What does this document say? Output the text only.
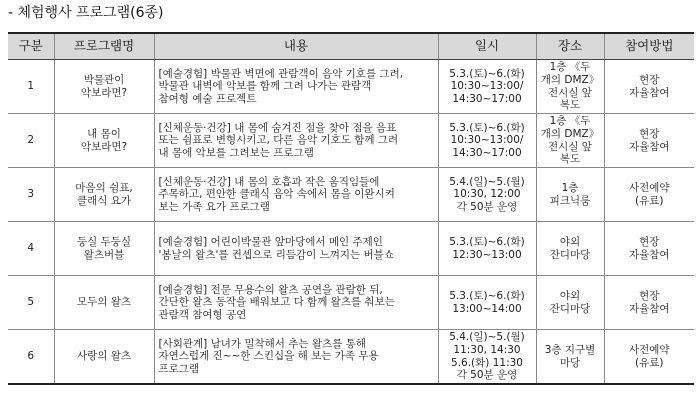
- 체험행사 프로그램(6종)
구분	프로그램명	내용	일시	장소	참여방법
1	박물관이
악보라면?	[예술경험] 박물관 벽면에 관람객이 음악 기호를 그려,
박물관 내벽에 악보를 함께 그려 나가는 관람객
참여형 예술 프로젝트	5.3.(토)~6.(화)
10:30~13:00/
14:30~17:00	1층 《두
개의 DMZ》
전시실 앞
복도	현장
자율참여
2	내 몸이
악보라면?	[신체운동·건강] 내 몸에 숨겨진 점을 찾아 점을 음표
또는 쉼표로 변형시키고, 다른 음악 기호도 함께 그려
내 몸에 악보를 그려보는 프로그램	5.3.(토)~6.(화)
10:30~13:00/
14:30~17:00	1층 《두
개의 DMZ》
전시실 앞
복도	현장
자율참여
3	마음의 쉼표,
클래식 요가	[신체운동·건강] 내 몸의 호흡과 작은 움직임들에
주목하고, 편안한 클래식 음악 속에서 몸을 이완시켜
보는 가족 요가 프로그램	5.4.(일)~5.(월)
10:30, 12:00
각 50분 운영	1층
피크닉룸	사전예약
(유료)
4	둥실 두둥실
왈츠버블	[예술경험] 어린이박물관 앞마당에서 메인 주제인
'봄날의 왈츠'를 컨셉으로 리듬감이 느껴지는 버블쇼	5.3.(토)~6.(화)
12:30~13:00	야외
잔디마당	현장
자율참여
5	모두의 왈츠	[예술경험] 전문 무용수의 왈츠 공연을 관람한 뒤,
간단한 왈츠 동작을 배워보고 다 함께 왈츠를 춰보는
관람객 참여형 공연	5.3.(토)~6.(화)
13:00~14:00	야외
잔디마당	현장
자율참여
6	사랑의 왈츠	[사회관계] 남녀가 밀착해서 추는 왈츠를 통해
자연스럽게 진~~한 스킨십을 해 보는 가족 무용
프로그램	5.4.(일)~5.(월)
11:30, 14:30
5.6.(화) 11:30
각 50분 운영	3층 지구별
마당	사전예약
(유료)
